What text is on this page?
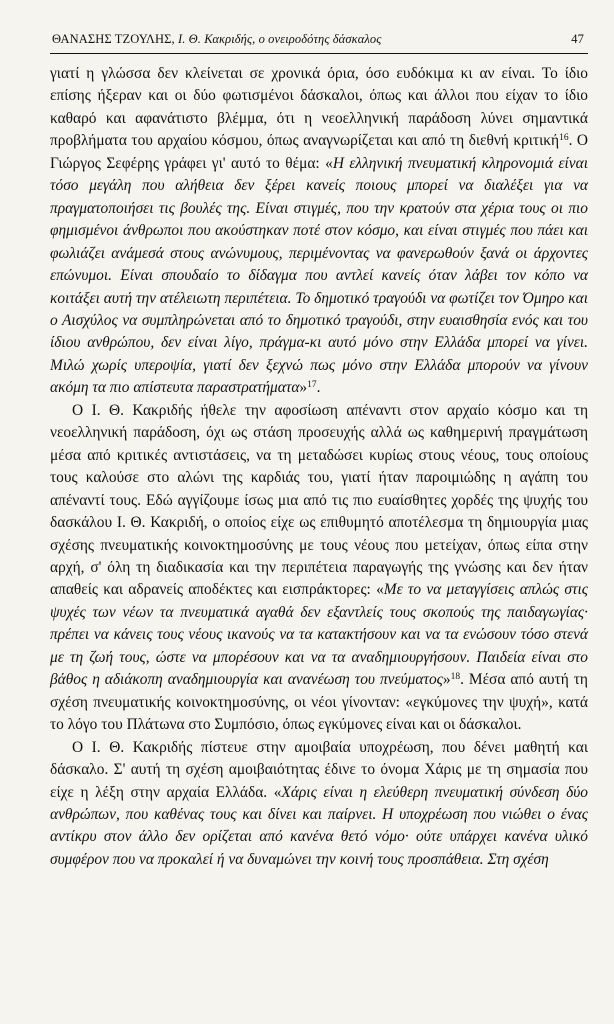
ΘΑΝΑΣΗΣ ΤΖΟΥΛΗΣ, Ι. Θ. Κακριδής, ο ονειροδότης δάσκαλος	47

γιατί η γλώσσα δεν κλείνεται σε χρονικά όρια, όσο ευδόκιμα κι αν είναι. Το ίδιο επίσης ήξεραν και οι δύο φωτισμένοι δάσκαλοι, όπως και άλλοι που είχαν το ίδιο καθαρό και αφανάτιστο βλέμμα, ότι η νεοελληνική παράδοση λύνει σημαντικά προβλήματα του αρχαίου κόσμου, όπως αναγνωρίζεται και από τη διεθνή κριτική$^{16}$. Ο Γιώργος Σεφέρης γράφει γι' αυτό το θέμα: «Η ελληνική πνευματική κληρονομιά είναι τόσο μεγάλη που αλήθεια δεν ξέρει κανείς ποιους μπορεί να διαλέξει για να πραγματοποιήσει τις βουλές της. Είναι στιγμές, που την κρατούν στα χέρια τους οι πιο φημισμένοι άνθρωποι που ακούστηκαν ποτέ στον κόσμο, και είναι στιγμές που πάει και φωλιάζει ανάμεσά στους ανώνυμους, περιμένοντας να φανερωθούν ξανά οι άρχοντες επώνυμοι. Είναι σπουδαίο το δίδαγμα που αντλεί κανείς όταν λάβει τον κόπο να κοιτάξει αυτή την ατέλειωτη περιπέτεια. Το δημοτικό τραγούδι να φωτίζει τον Όμηρο και ο Αισχύλος να συμπληρώνεται από το δημοτικό τραγούδι, στην ευαισθησία ενός και του ίδιου ανθρώπου, δεν είναι λίγο, πράγμα-κι αυτό μόνο στην Ελλάδα μπορεί να γίνει. Μιλώ χωρίς υπεροψία, γιατί δεν ξεχνώ πως μόνο στην Ελλάδα μπορούν να γίνουν ακόμη τα πιο απίστευτα παραστρατήματα»$^{17}$.

Ο Ι. Θ. Κακριδής ήθελε την αφοσίωση απέναντι στον αρχαίο κόσμο και τη νεοελληνική παράδοση, όχι ως στάση προσευχής αλλά ως καθημερινή πραγμάτωση μέσα από κριτικές αντιστάσεις, να τη μεταδώσει κυρίως στους νέους, τους οποίους τους καλούσε στο αλώνι της καρδιάς του, γιατί ήταν παροιμιώδης η αγάπη του απέναντί τους. Εδώ αγγίζουμε ίσως μια από τις πιο ευαίσθητες χορδές της ψυχής του δασκάλου Ι. Θ. Κακριδή, ο οποίος είχε ως επιθυμητό αποτέλεσμα τη δημιουργία μιας σχέσης πνευματικής κοινοκτημοσύνης με τους νέους που μετείχαν, όπως είπα στην αρχή, σ' όλη τη διαδικασία και την περιπέτεια παραγωγής της γνώσης και δεν ήταν απαθείς και αδρανείς αποδέκτες και εισπράκτορες: «Με το να μεταγγίσεις απλώς στις ψυχές των νέων τα πνευματικά αγαθά δεν εξαντλείς τους σκοπούς της παιδαγωγίας· πρέπει να κάνεις τους νέους ικανούς να τα κατακτήσουν και να τα ενώσουν τόσο στενά με τη ζωή τους, ώστε να μπορέσουν και να τα αναδημιουργήσουν. Παιδεία είναι στο βάθος η αδιάκοπη αναδημιουργία και ανανέωση του πνεύματος»$^{18}$. Μέσα από αυτή τη σχέση πνευματικής κοινοκτημοσύνης, οι νέοι γίνονταν: «εγκύμονες την ψυχή», κατά το λόγο του Πλάτωνα στο Συμπόσιο, όπως εγκύμονες είναι και οι δάσκαλοι.

Ο Ι. Θ. Κακριδής πίστευε στην αμοιβαία υποχρέωση, που δένει μαθητή και δάσκαλο. Σ' αυτή τη σχέση αμοιβαιότητας έδινε το όνομα Χάρις με τη σημασία που είχε η λέξη στην αρχαία Ελλάδα. «Χάρις είναι η ελεύθερη πνευματική σύνδεση δύο ανθρώπων, που καθένας τους και δίνει και παίρνει. Η υποχρέωση που νιώθει ο ένας αντίκρυ στον άλλο δεν ορίζεται από κανένα θετό νόμο· ούτε υπάρχει κανένα υλικό συμφέρον που να προκαλεί ή να δυναμώνει την κοινή τους προσπάθεια. Στη σχέση
